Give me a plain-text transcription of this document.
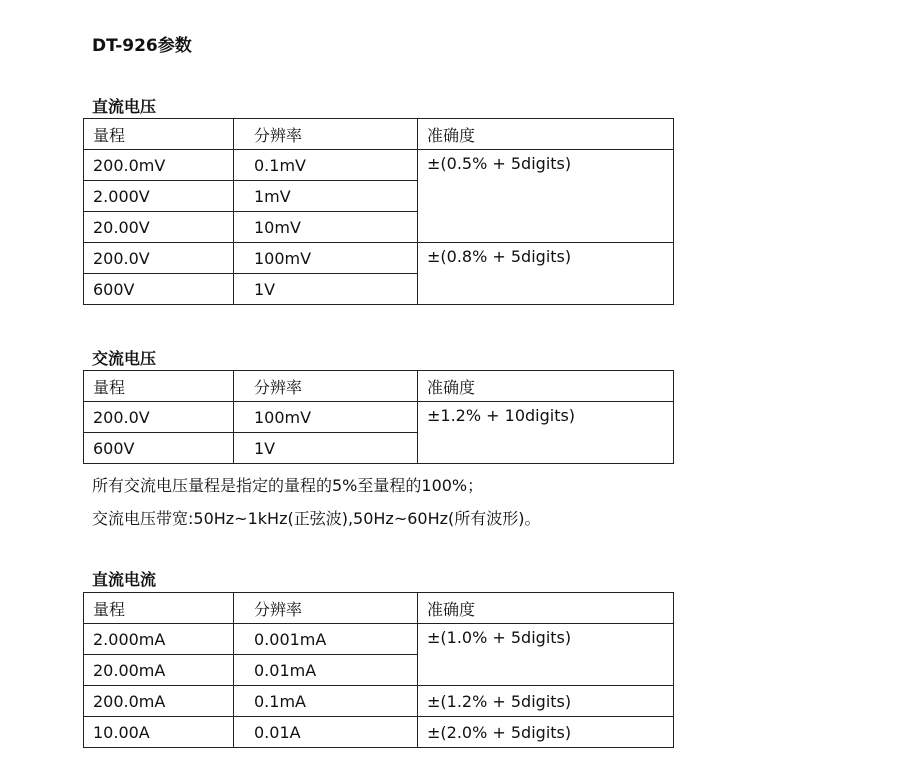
DT-926参数
直流电压
量程	分辨率	准确度
200.0mV	0.1mV	±(0.5% + 5digits)
2.000V	1mV	
20.00V	10mV	
200.0V	100mV	±(0.8% + 5digits)
600V	1V	
交流电压
量程	分辨率	准确度
200.0V	100mV	±1.2% + 10digits)
600V	1V	
所有交流电压量程是指定的量程的5%至量程的100%；
交流电压带宽:50Hz~1kHz(正弦波),50Hz~60Hz(所有波形)。
直流电流
量程	分辨率	准确度
2.000mA	0.001mA	±(1.0% + 5digits)
20.00mA	0.01mA	
200.0mA	0.1mA	±(1.2% + 5digits)
10.00A	0.01A	±(2.0% + 5digits)
